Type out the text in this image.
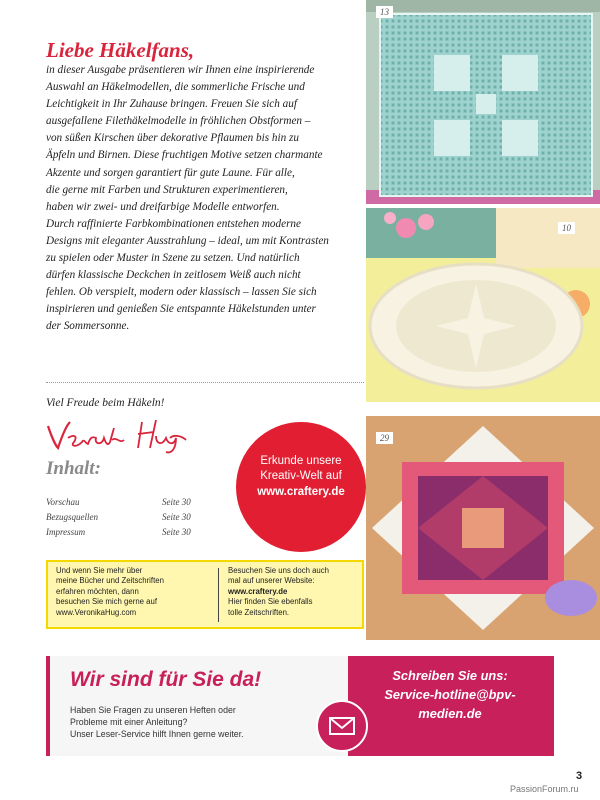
Liebe Häkelfans,
in dieser Ausgabe präsentieren wir Ihnen eine inspirierende
Auswahl an Häkelmodellen, die sommerliche Frische und
Leichtigkeit in Ihr Zuhause bringen. Freuen Sie sich auf
ausgefallene Filethäkelmodelle in fröhlichen Obstformen –
von süßen Kirschen über dekorative Pflaumen bis hin zu
Äpfeln und Birnen. Diese fruchtigen Motive setzen charmante
Akzente und sorgen garantiert für gute Laune. Für alle,
die gerne mit Farben und Strukturen experimentieren,
haben wir zwei- und dreifarbige Modelle entworfen.
Durch raffinierte Farbkombinationen entstehen moderne
Designs mit eleganter Ausstrahlung – ideal, um mit Kontrasten
zu spielen oder Muster in Szene zu setzen. Und natürlich
dürfen klassische Deckchen in zeitlosem Weiß auch nicht
fehlen. Ob verspielt, modern oder klassisch – lassen Sie sich
inspirieren und genießen Sie entspannte Häkelstunden unter
der Sommersonne.
Viel Freude beim Häkeln!
Inhalt:
Vorschau	Seite 30
Bezugsquellen	Seite 30
Impressum	Seite 30
Erkunde unsere
Kreativ-Welt auf
www.craftery.de
Und wenn Sie mehr über
meine Bücher und Zeitschriften
erfahren möchten, dann
besuchen Sie mich gerne auf
www.VeronikaHug.com
Besuchen Sie uns doch auch
mal auf unserer Website:
www.craftery.de
Hier finden Sie ebenfalls
tolle Zeitschriften.
13
10
29
Wir sind für Sie da!
Haben Sie Fragen zu unseren Heften oder
Probleme mit einer Anleitung?
Unser Leser-Service hilft Ihnen gerne weiter.
Schreiben Sie uns:
Service-hotline@bpv-
medien.de
3
PassionForum.ru
